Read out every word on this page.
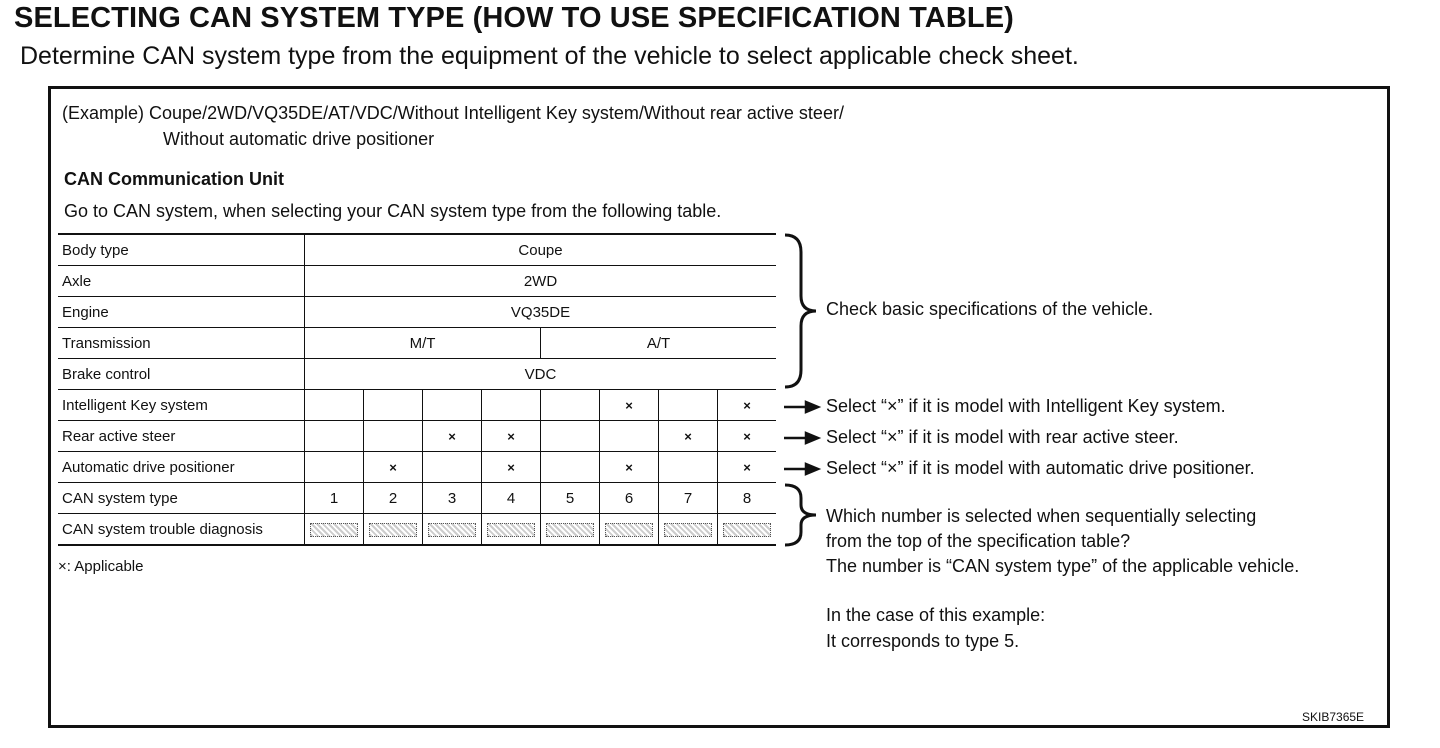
SELECTING CAN SYSTEM TYPE (HOW TO USE SPECIFICATION TABLE)
Determine CAN system type from the equipment of the vehicle to select applicable check sheet.
(Example) Coupe/2WD/VQ35DE/AT/VDC/Without Intelligent Key system/Without rear active steer/
Without automatic drive positioner
CAN Communication Unit
Go to CAN system, when selecting your CAN system type from the following table.
Body type	Coupe							
Axle	2WD							
Engine	VQ35DE							
Transmission	M/T				A/T			
Brake control	VDC							
Intelligent Key system						×		×
Rear active steer			×	×			×	×
Automatic drive positioner		×		×		×		×
CAN system type	1	2	3	4	5	6	7	8
CAN system trouble diagnosis								
×: Applicable
Check basic specifications of the vehicle.
Select “×” if it is model with Intelligent Key system.
Select “×” if it is model with rear active steer.
Select “×” if it is model with automatic drive positioner.
Which number is selected when sequentially selecting
from the top of the specification table?
The number is “CAN system type” of the applicable vehicle.
In the case of this example:
It corresponds to type 5.
SKIB7365E
